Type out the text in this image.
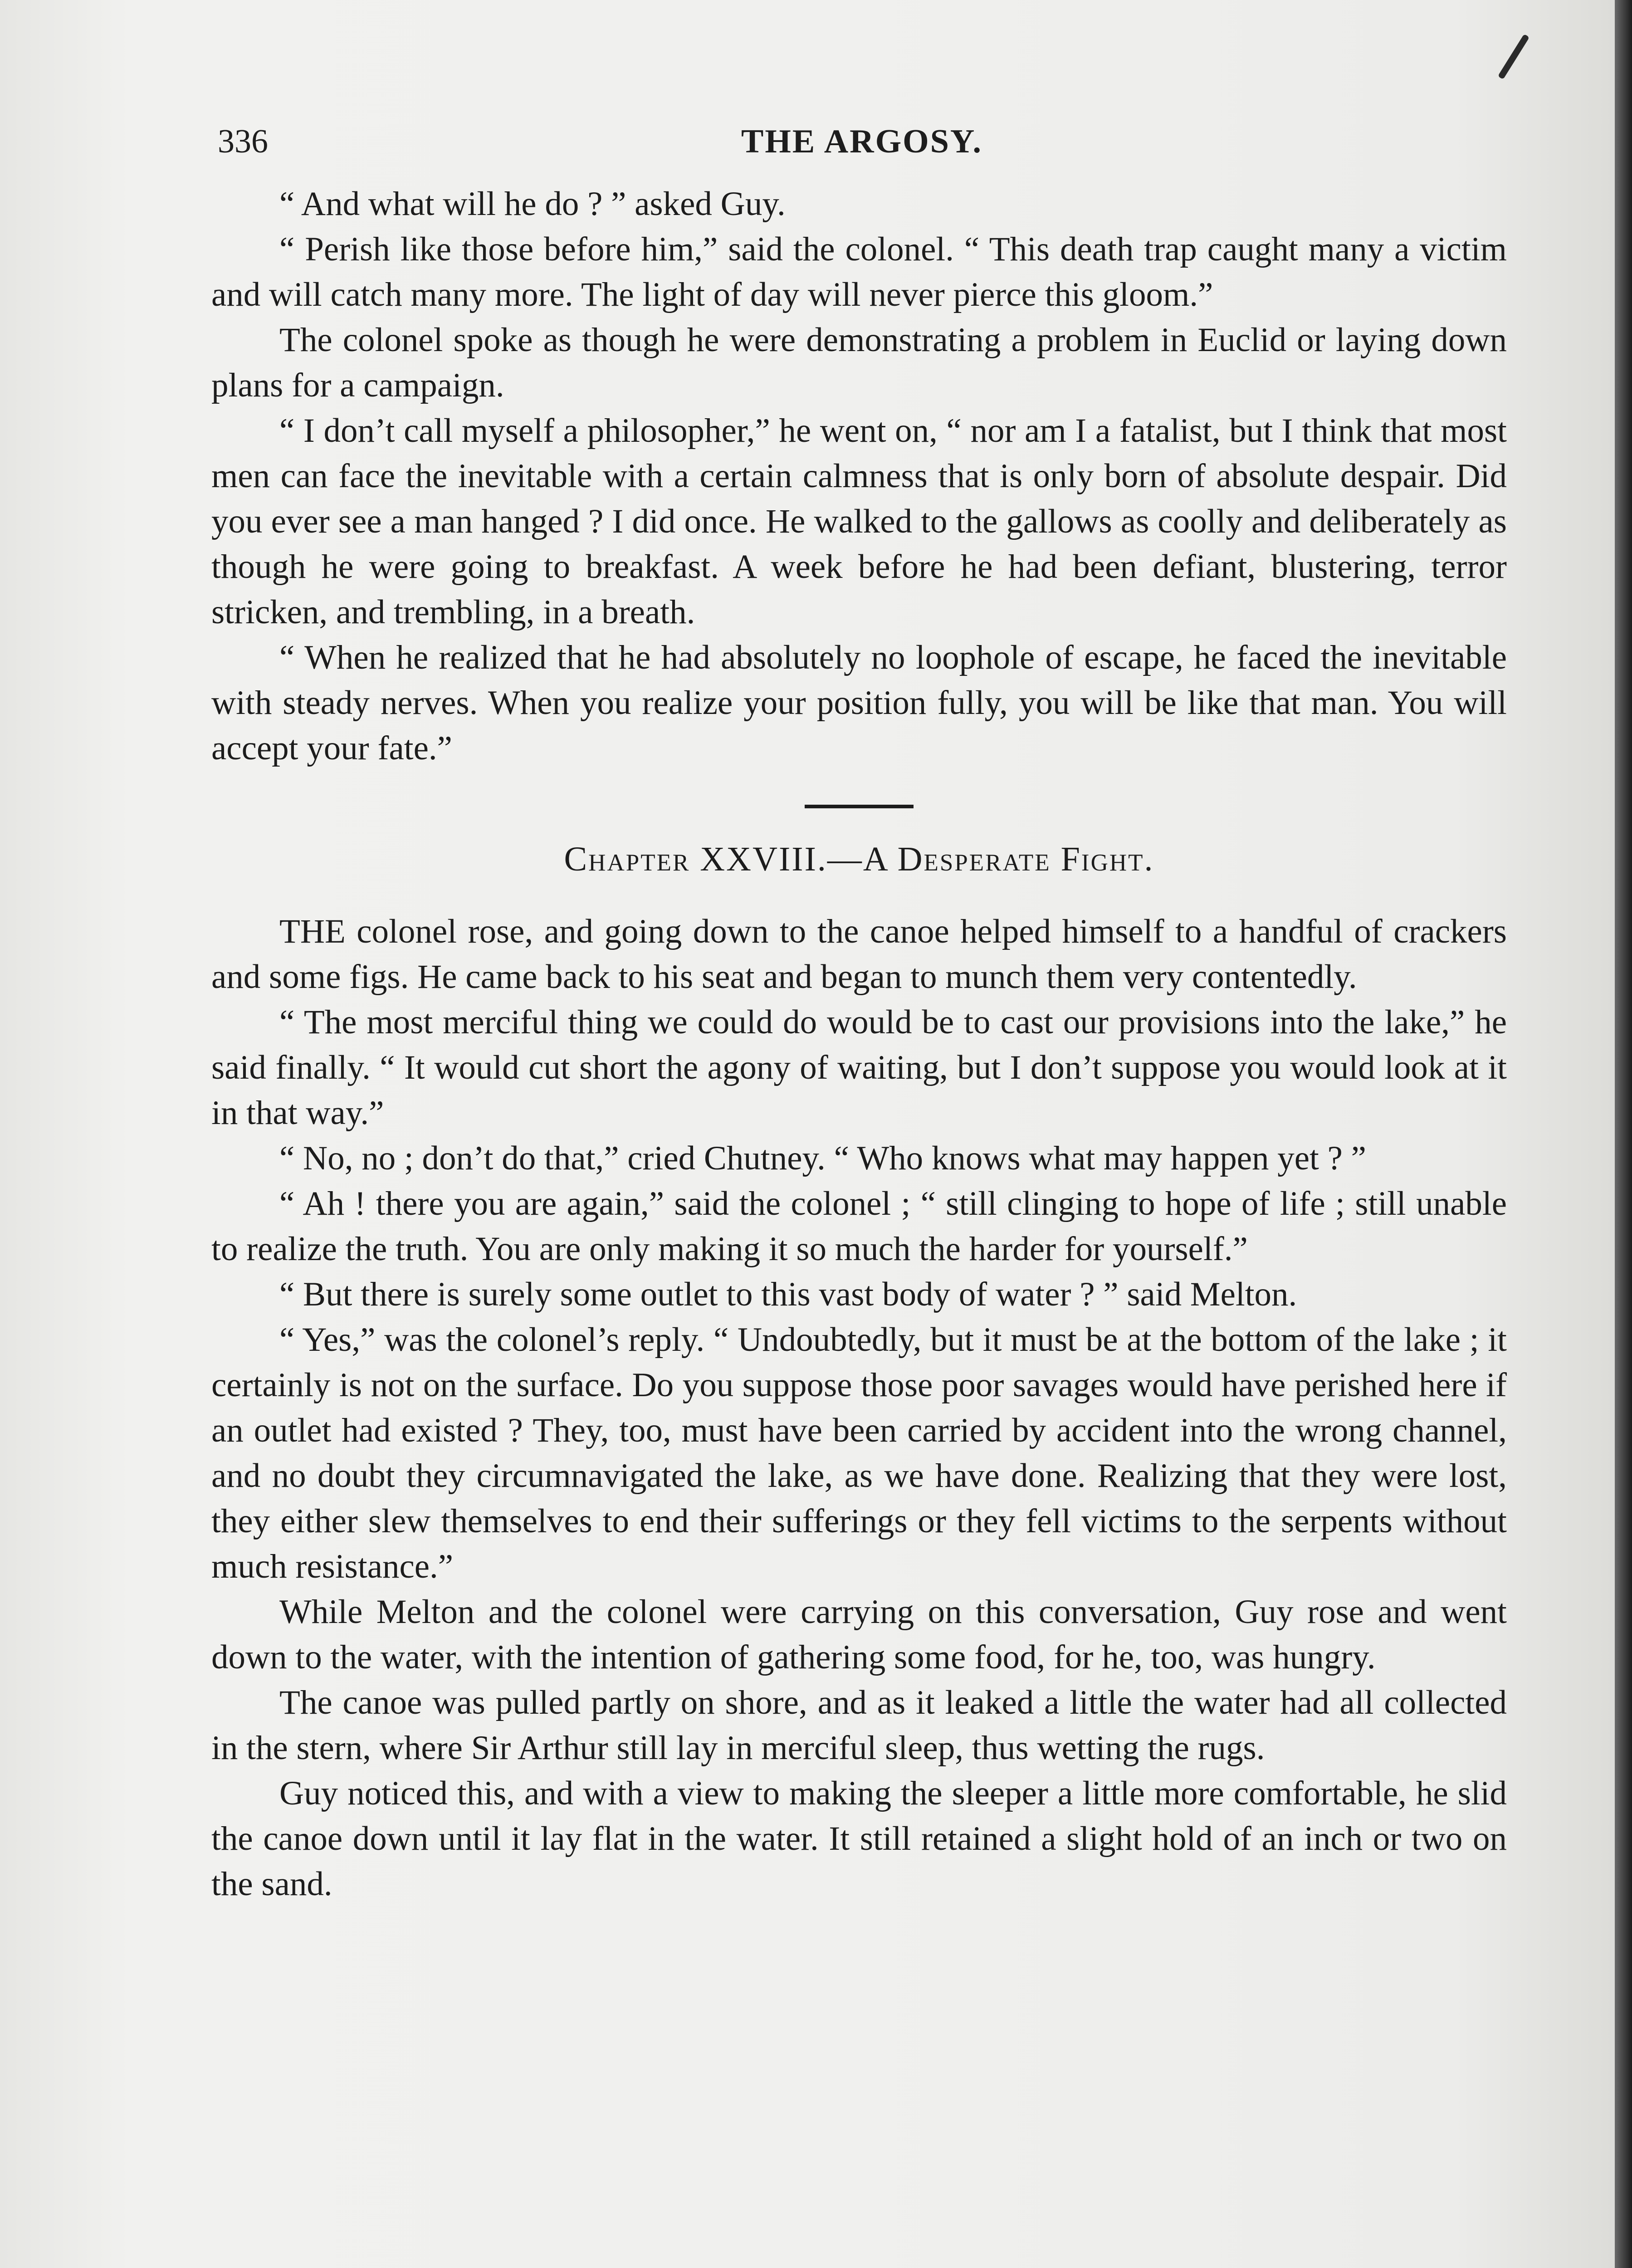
336	THE ARGOSY.

“ And what will he do ? ” asked Guy.

“ Perish like those before him,” said the colonel. “ This death trap caught many a victim and will catch many more. The light of day will never pierce this gloom.”

The colonel spoke as though he were demonstrating a problem in Euclid or laying down plans for a campaign.

“ I don’t call myself a philosopher,” he went on, “ nor am I a fatalist, but I think that most men can face the inevitable with a certain calmness that is only born of absolute despair. Did you ever see a man hanged ? I did once. He walked to the gallows as coolly and deliberately as though he were going to breakfast. A week before he had been defiant, blustering, terror stricken, and trembling, in a breath.

“ When he realized that he had absolutely no loophole of escape, he faced the inevitable with steady nerves. When you realize your position fully, you will be like that man. You will accept your fate.”

Chapter XXVIII.—A Desperate Fight.

THE colonel rose, and going down to the canoe helped himself to a handful of crackers and some figs. He came back to his seat and began to munch them very contentedly.

“ The most merciful thing we could do would be to cast our provisions into the lake,” he said finally. “ It would cut short the agony of waiting, but I don’t suppose you would look at it in that way.”

“ No, no ; don’t do that,” cried Chutney. “ Who knows what may happen yet ? ”

“ Ah ! there you are again,” said the colonel ; “ still clinging to hope of life ; still unable to realize the truth. You are only making it so much the harder for yourself.”

“ But there is surely some outlet to this vast body of water ? ” said Melton.

“ Yes,” was the colonel’s reply. “ Undoubtedly, but it must be at the bottom of the lake ; it certainly is not on the surface. Do you suppose those poor savages would have perished here if an outlet had existed ? They, too, must have been carried by accident into the wrong channel, and no doubt they circumnavigated the lake, as we have done. Realizing that they were lost, they either slew themselves to end their sufferings or they fell victims to the serpents without much resistance.”

While Melton and the colonel were carrying on this conversation, Guy rose and went down to the water, with the intention of gathering some food, for he, too, was hungry.

The canoe was pulled partly on shore, and as it leaked a little the water had all collected in the stern, where Sir Arthur still lay in merciful sleep, thus wetting the rugs.

Guy noticed this, and with a view to making the sleeper a little more comfortable, he slid the canoe down until it lay flat in the water. It still retained a slight hold of an inch or two on the sand.
